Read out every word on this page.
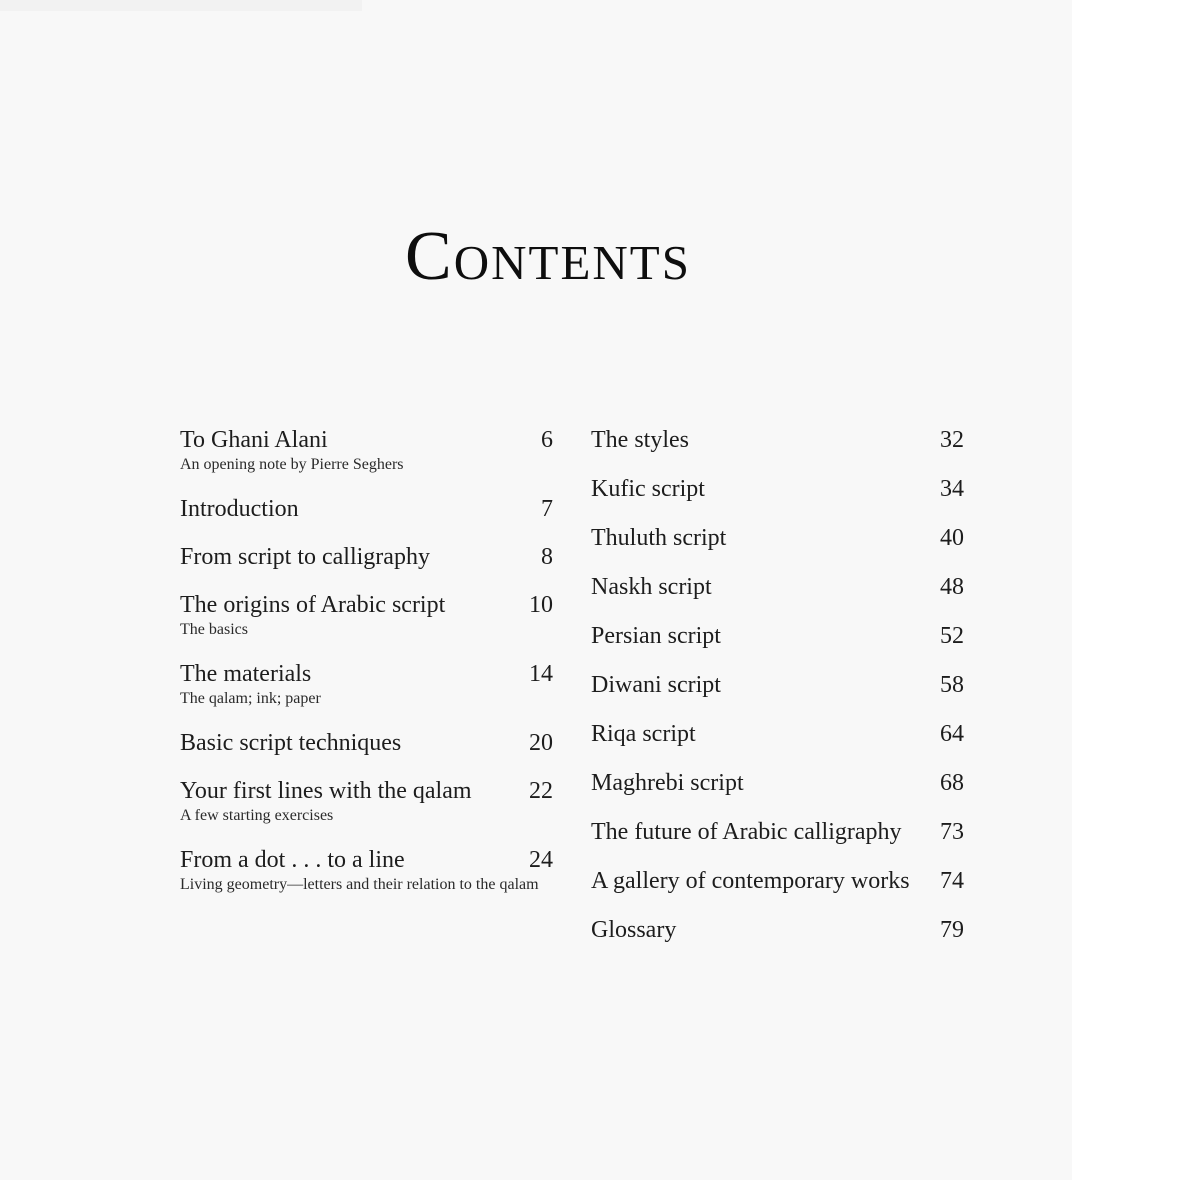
Contents
To Ghani Alani	6
An opening note by Pierre Seghers
Introduction	7
From script to calligraphy	8
The origins of Arabic script	10
The basics
The materials	14
The qalam; ink; paper
Basic script techniques	20
Your first lines with the qalam	22
A few starting exercises
From a dot . . . to a line	24
Living geometry—letters and their relation to the qalam
The styles	32
Kufic script	34
Thuluth script	40
Naskh script	48
Persian script	52
Diwani script	58
Riqa script	64
Maghrebi script	68
The future of Arabic calligraphy	73
A gallery of contemporary works	74
Glossary	79
